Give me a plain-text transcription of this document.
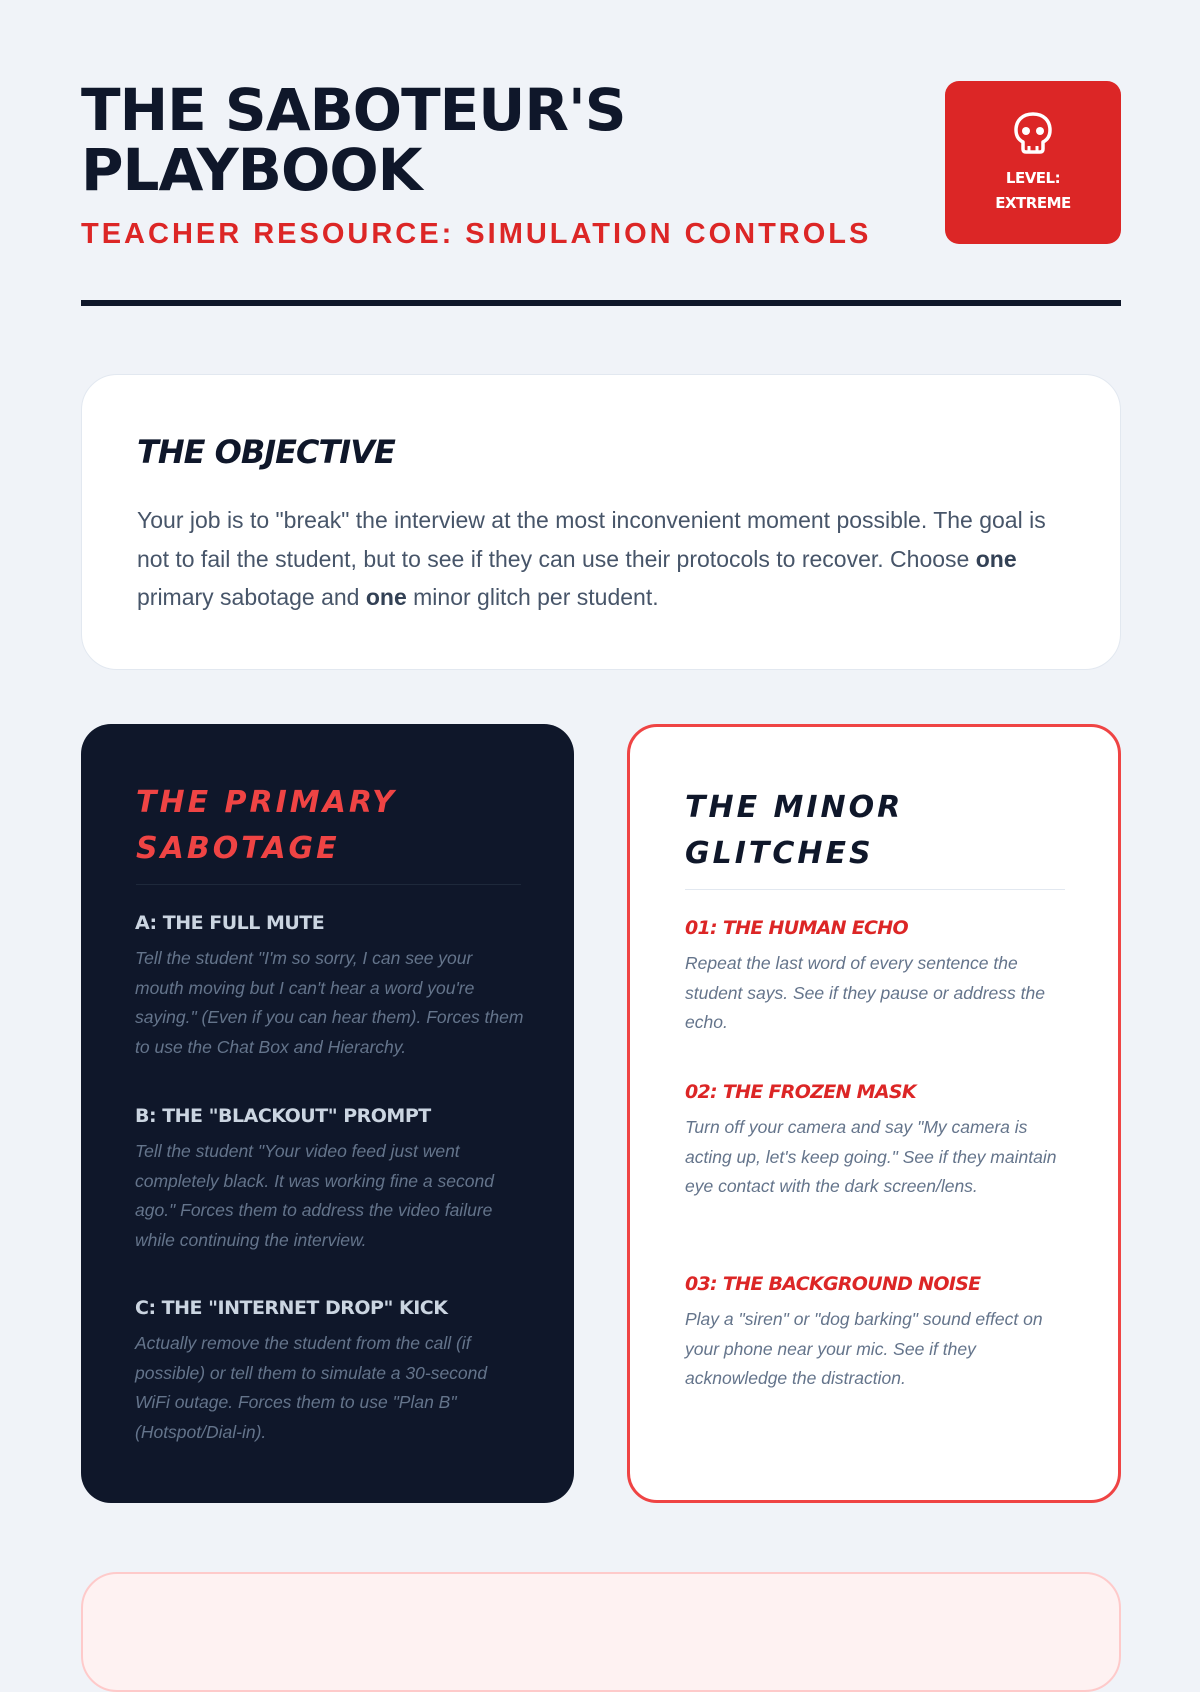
THE SABOTEUR'S PLAYBOOK
TEACHER RESOURCE: SIMULATION CONTROLS
LEVEL: EXTREME
THE OBJECTIVE

Your job is to "break" the interview at the most inconvenient moment possible. The goal is not to fail the student, but to see if they can use their protocols to recover. Choose one primary sabotage and one minor glitch per student.

THE PRIMARY SABOTAGE
A: THE FULL MUTE

Tell the student "I'm so sorry, I can see your mouth moving but I can't hear a word you're saying." (Even if you can hear them). Forces them to use the Chat Box and Hierarchy.

B: THE "BLACKOUT" PROMPT

Tell the student "Your video feed just went completely black. It was working fine a second ago." Forces them to address the video failure while continuing the interview.

C: THE "INTERNET DROP" KICK

Actually remove the student from the call (if possible) or tell them to simulate a 30-second WiFi outage. Forces them to use "Plan B" (Hotspot/Dial-in).

THE MINOR GLITCHES
01: THE HUMAN ECHO

Repeat the last word of every sentence the student says. See if they pause or address the echo.

02: THE FROZEN MASK

Turn off your camera and say "My camera is acting up, let's keep going." See if they maintain eye contact with the dark screen/lens.

03: THE BACKGROUND NOISE

Play a "siren" or "dog barking" sound effect on your phone near your mic. See if they acknowledge the distraction.
